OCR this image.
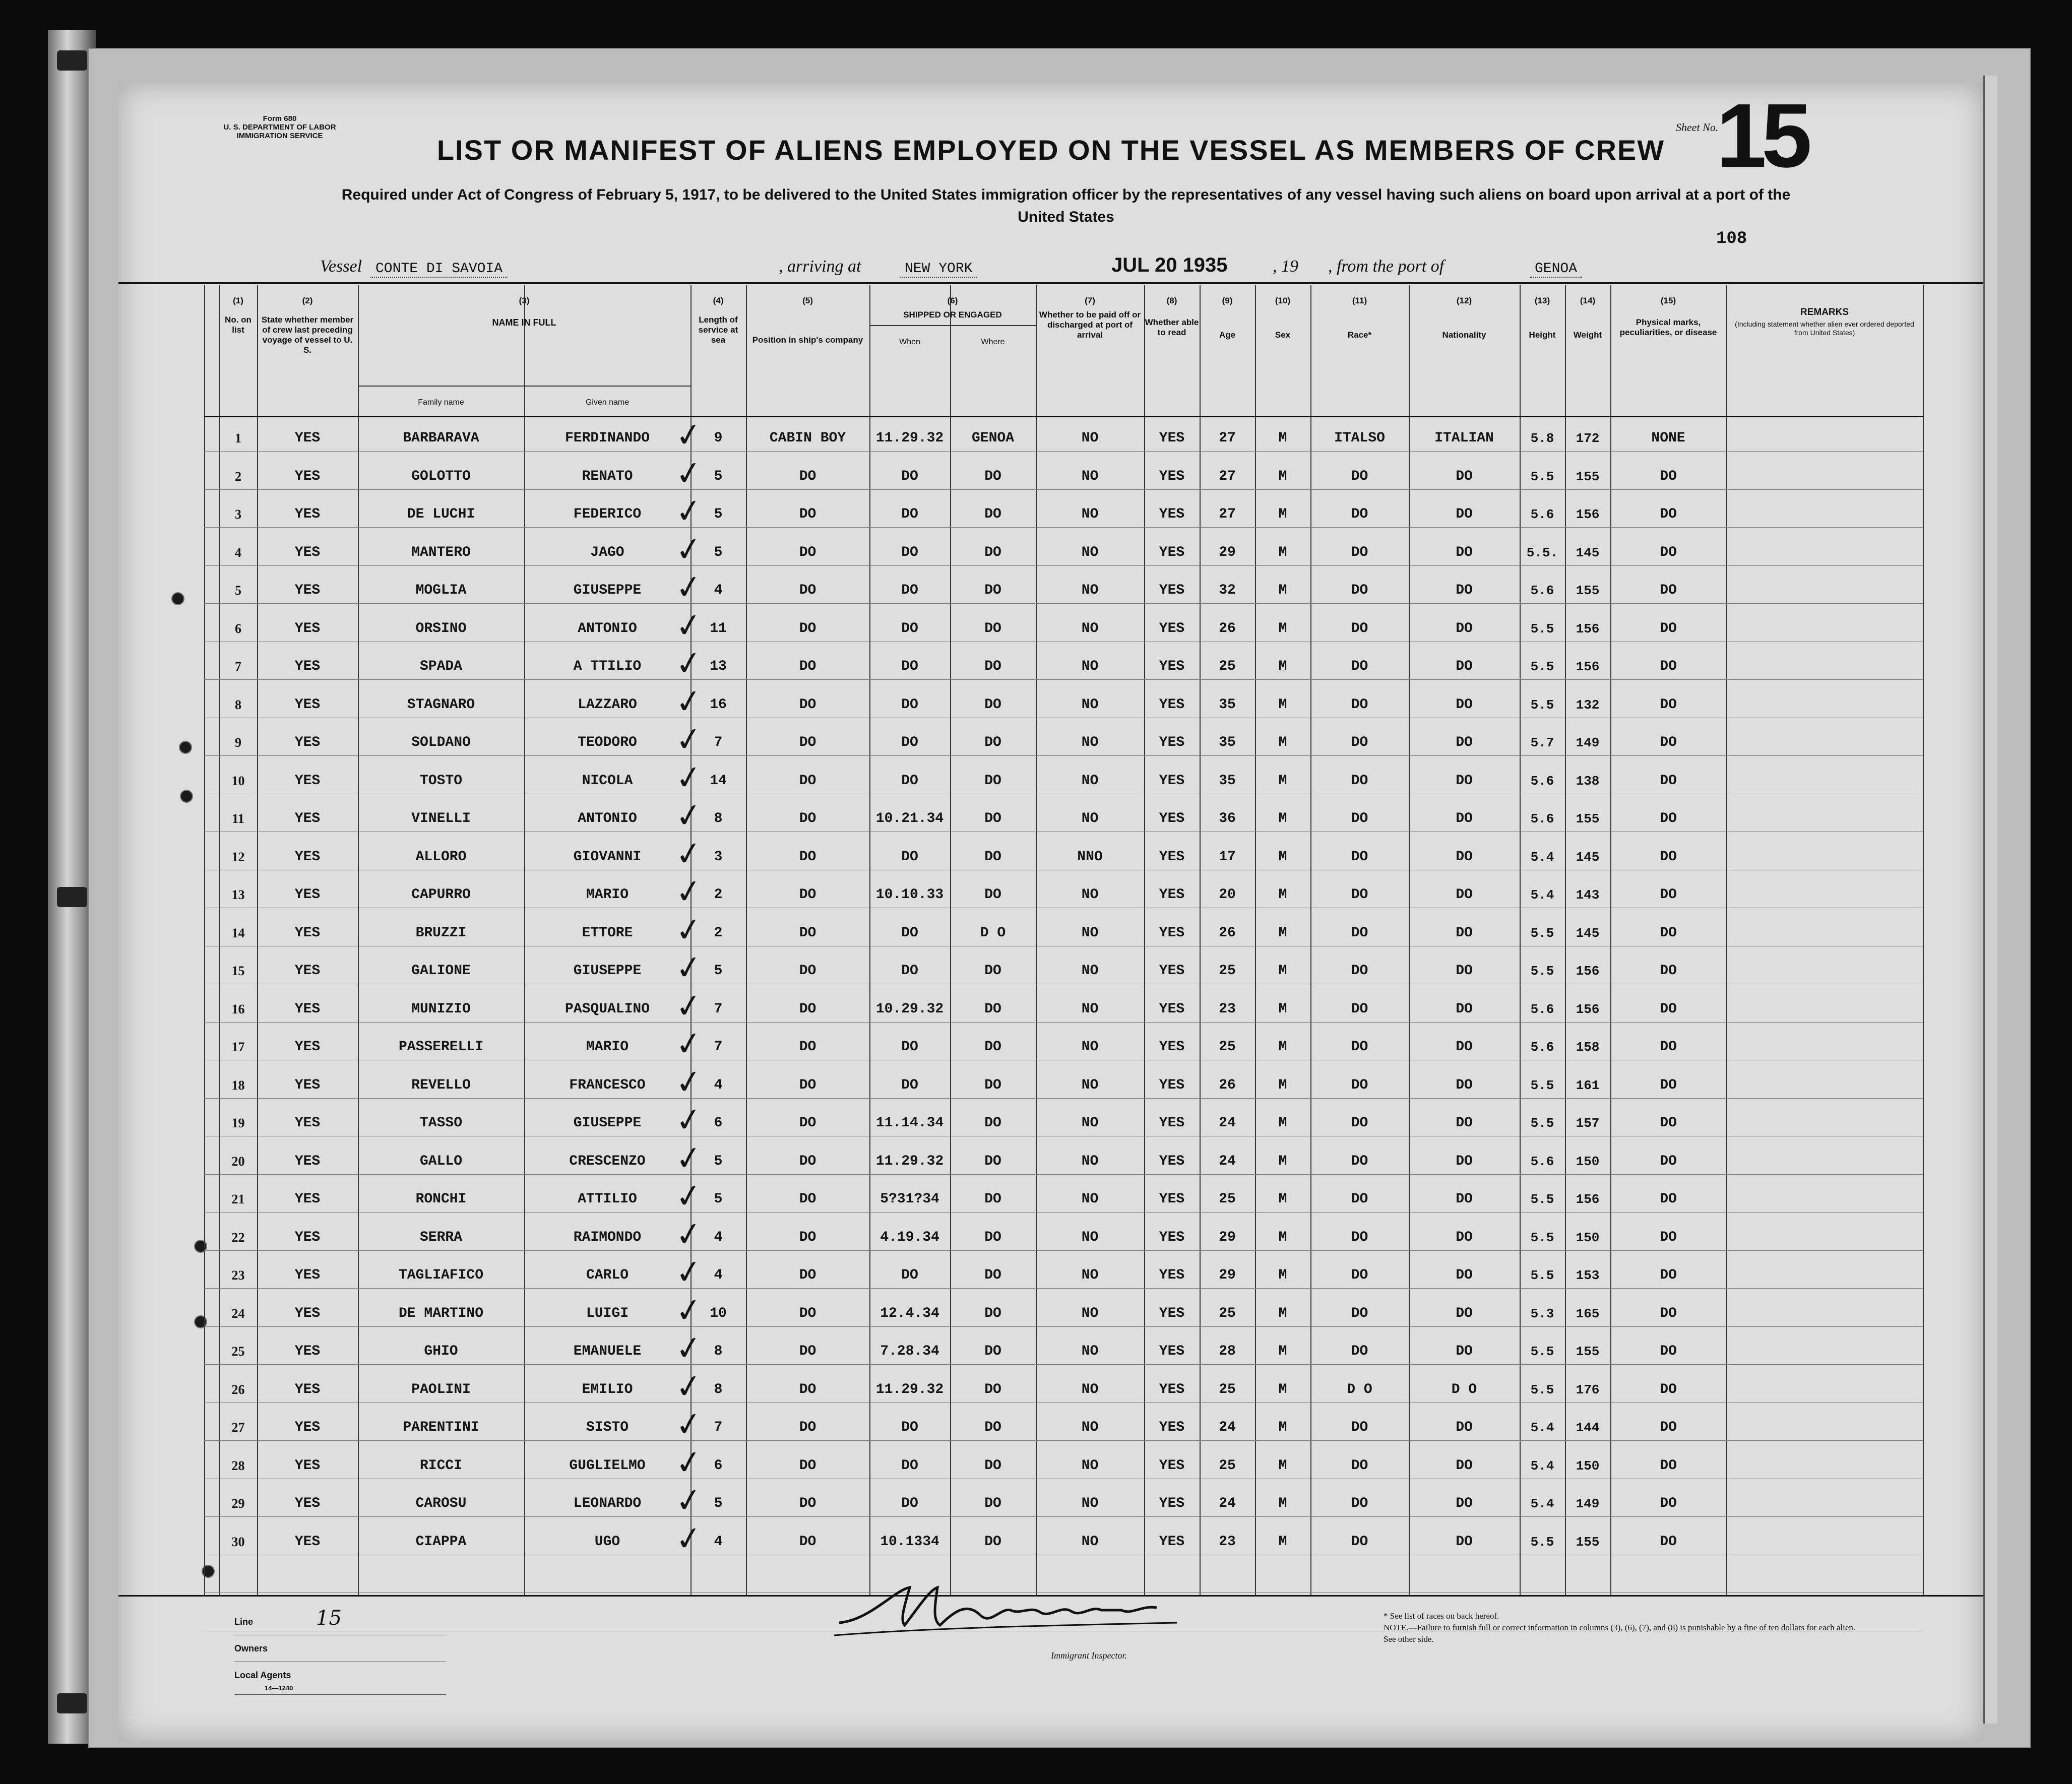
Form 680
U. S. DEPARTMENT OF LABOR
IMMIGRATION SERVICE	LIST OR MANIFEST OF ALIENS EMPLOYED ON THE VESSEL AS MEMBERS OF CREW
Required under Act of Congress of February 5, 1917, to be delivered to the United States immigration officer by the representatives of any vessel having such aliens on board upon arrival at a port of the United States
Sheet No.
15
108
Vessel CONTE DI SAVOIA	, arriving at	NEW YORK	JUL 20 1935	, 19 , from the port of	GENOA
(1)	(2)	(3)	(4)	(5)	(6)	(7)	(8)	(9)	(10)	(11)	(12)	(13)	(14)	(15)
No. on list
State whether member of crew last preceding voyage of vessel to U. S.
NAME IN FULL
Family name	Given name
Length of service at sea	Position in ship's company
SHIPPED OR ENGAGED
When	Where
Whether to be paid off or discharged at port of arrival
Whether able to read	Age	Sex	Race*	Nationality	Height	Weight
Physical marks, peculiarities, or disease
REMARKS
(Including statement whether alien ever ordered deported from United States)
1	YES	BARBARAVA	FERDINANDO	9	CABIN BOY	11.29.32	GENOA	NO	YES	27	M	ITALSO	ITALIAN	5.8	172	NONE
✓
2	YES	GOLOTTO	RENATO	5	DO	DO	DO	NO	YES	27	M	DO	DO	5.5	155	DO
✓
3	YES	DE LUCHI	FEDERICO	5	DO	DO	DO	NO	YES	27	M	DO	DO	5.6	156	DO
✓
4	YES	MANTERO	JAGO	5	DO	DO	DO	NO	YES	29	M	DO	DO	5.5.	145	DO
✓
5	YES	MOGLIA	GIUSEPPE	4	DO	DO	DO	NO	YES	32	M	DO	DO	5.6	155	DO
✓
6	YES	ORSINO	ANTONIO	11	DO	DO	DO	NO	YES	26	M	DO	DO	5.5	156	DO
✓
7	YES	SPADA	A TTILIO	13	DO	DO	DO	NO	YES	25	M	DO	DO	5.5	156	DO
✓
8	YES	STAGNARO	LAZZARO	16	DO	DO	DO	NO	YES	35	M	DO	DO	5.5	132	DO
✓
9	YES	SOLDANO	TEODORO	7	DO	DO	DO	NO	YES	35	M	DO	DO	5.7	149	DO
✓
10	YES	TOSTO	NICOLA	14	DO	DO	DO	NO	YES	35	M	DO	DO	5.6	138	DO
✓
11	YES	VINELLI	ANTONIO	8	DO	10.21.34	DO	NO	YES	36	M	DO	DO	5.6	155	DO
✓
12	YES	ALLORO	GIOVANNI	3	DO	DO	DO	NNO	YES	17	M	DO	DO	5.4	145	DO
✓
13	YES	CAPURRO	MARIO	2	DO	10.10.33	DO	NO	YES	20	M	DO	DO	5.4	143	DO
✓
14	YES	BRUZZI	ETTORE	2	DO	DO	D O	NO	YES	26	M	DO	DO	5.5	145	DO
✓
15	YES	GALIONE	GIUSEPPE	5	DO	DO	DO	NO	YES	25	M	DO	DO	5.5	156	DO
✓
16	YES	MUNIZIO	PASQUALINO	7	DO	10.29.32	DO	NO	YES	23	M	DO	DO	5.6	156	DO
✓
17	YES	PASSERELLI	MARIO	7	DO	DO	DO	NO	YES	25	M	DO	DO	5.6	158	DO
✓
18	YES	REVELLO	FRANCESCO	4	DO	DO	DO	NO	YES	26	M	DO	DO	5.5	161	DO
✓
19	YES	TASSO	GIUSEPPE	6	DO	11.14.34	DO	NO	YES	24	M	DO	DO	5.5	157	DO
✓
20	YES	GALLO	CRESCENZO	5	DO	11.29.32	DO	NO	YES	24	M	DO	DO	5.6	150	DO
✓
21	YES	RONCHI	ATTILIO	5	DO	5?31?34	DO	NO	YES	25	M	DO	DO	5.5	156	DO
✓
22	YES	SERRA	RAIMONDO	4	DO	4.19.34	DO	NO	YES	29	M	DO	DO	5.5	150	DO
✓
23	YES	TAGLIAFICO	CARLO	4	DO	DO	DO	NO	YES	29	M	DO	DO	5.5	153	DO
✓
24	YES	DE MARTINO	LUIGI	10	DO	12.4.34	DO	NO	YES	25	M	DO	DO	5.3	165	DO
✓
25	YES	GHIO	EMANUELE	8	DO	7.28.34	DO	NO	YES	28	M	DO	DO	5.5	155	DO
✓
26	YES	PAOLINI	EMILIO	8	DO	11.29.32	DO	NO	YES	25	M	D O	D O	5.5	176	DO
✓
27	YES	PARENTINI	SISTO	7	DO	DO	DO	NO	YES	24	M	DO	DO	5.4	144	DO
✓
28	YES	RICCI	GUGLIELMO	6	DO	DO	DO	NO	YES	25	M	DO	DO	5.4	150	DO
✓
29	YES	CAROSU	LEONARDO	5	DO	DO	DO	NO	YES	24	M	DO	DO	5.4	149	DO
✓
30	YES	CIAPPA	UGO	4	DO	10.1334	DO	NO	YES	23	M	DO	DO	5.5	155	DO
✓
Line	15
Owners
Local Agents
14—1240
Immigrant Inspector.
* See list of races on back hereof.
NOTE.—Failure to furnish full or correct information in columns (3), (6), (7), and (8) is punishable by a fine of ten dollars for each alien. See other side.
